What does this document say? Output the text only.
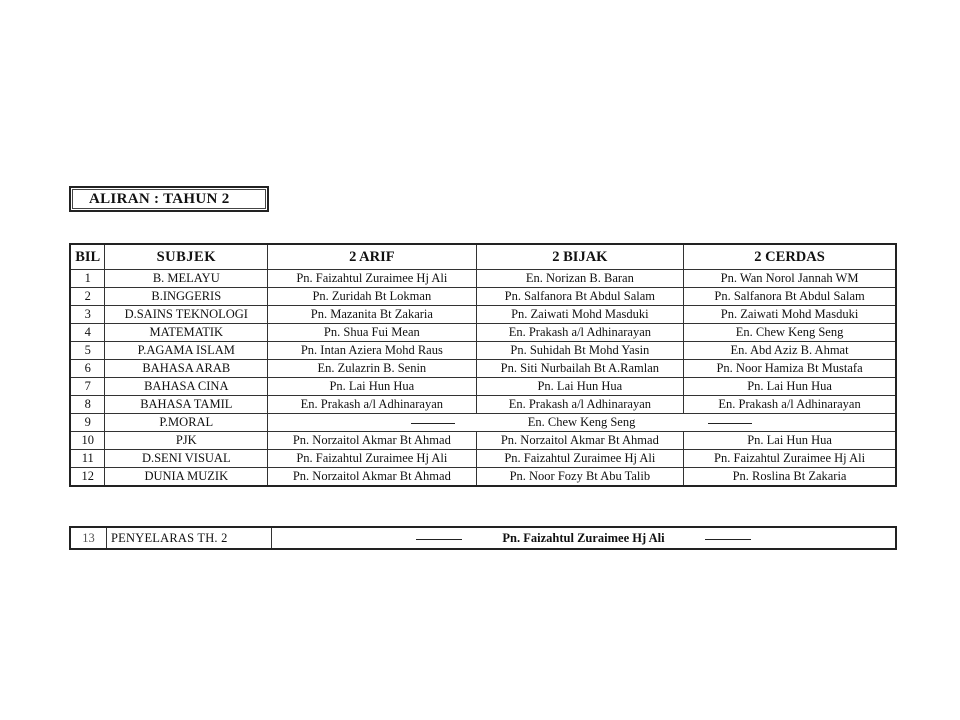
ALIRAN : TAHUN 2
BIL	SUBJEK	2 ARIF	2 BIJAK	2 CERDAS
1	B. MELAYU	Pn. Faizahtul Zuraimee Hj Ali	En. Norizan B. Baran	Pn. Wan Norol Jannah WM
2	B.INGGERIS	Pn. Zuridah Bt Lokman	Pn. Salfanora Bt Abdul Salam	Pn. Salfanora Bt Abdul Salam
3	D.SAINS TEKNOLOGI	Pn. Mazanita Bt Zakaria	Pn. Zaiwati Mohd Masduki	Pn. Zaiwati Mohd Masduki
4	MATEMATIK	Pn. Shua Fui Mean	En. Prakash a/l Adhinarayan	En. Chew Keng Seng
5	P.AGAMA ISLAM	Pn. Intan Aziera Mohd Raus	Pn. Suhidah Bt Mohd Yasin	En. Abd Aziz B. Ahmat
6	BAHASA ARAB	En. Zulazrin B. Senin	Pn. Siti Nurbailah Bt A.Ramlan	Pn. Noor Hamiza Bt Mustafa
7	BAHASA CINA	Pn. Lai Hun Hua	Pn. Lai Hun Hua	Pn. Lai Hun Hua
8	BAHASA TAMIL	En. Prakash a/l Adhinarayan	En. Prakash a/l Adhinarayan	En. Prakash a/l Adhinarayan
9	P.MORAL	En. Chew Keng Seng		
10	PJK	Pn. Norzaitol Akmar Bt Ahmad	Pn. Norzaitol Akmar Bt Ahmad	Pn. Lai Hun Hua
11	D.SENI VISUAL	Pn. Faizahtul Zuraimee Hj Ali	Pn. Faizahtul Zuraimee Hj Ali	Pn. Faizahtul Zuraimee Hj Ali
12	DUNIA MUZIK	Pn. Norzaitol Akmar Bt Ahmad	Pn. Noor Fozy Bt Abu Talib	Pn. Roslina Bt Zakaria
13	PENYELARAS TH. 2	Pn. Faizahtul Zuraimee Hj Ali
